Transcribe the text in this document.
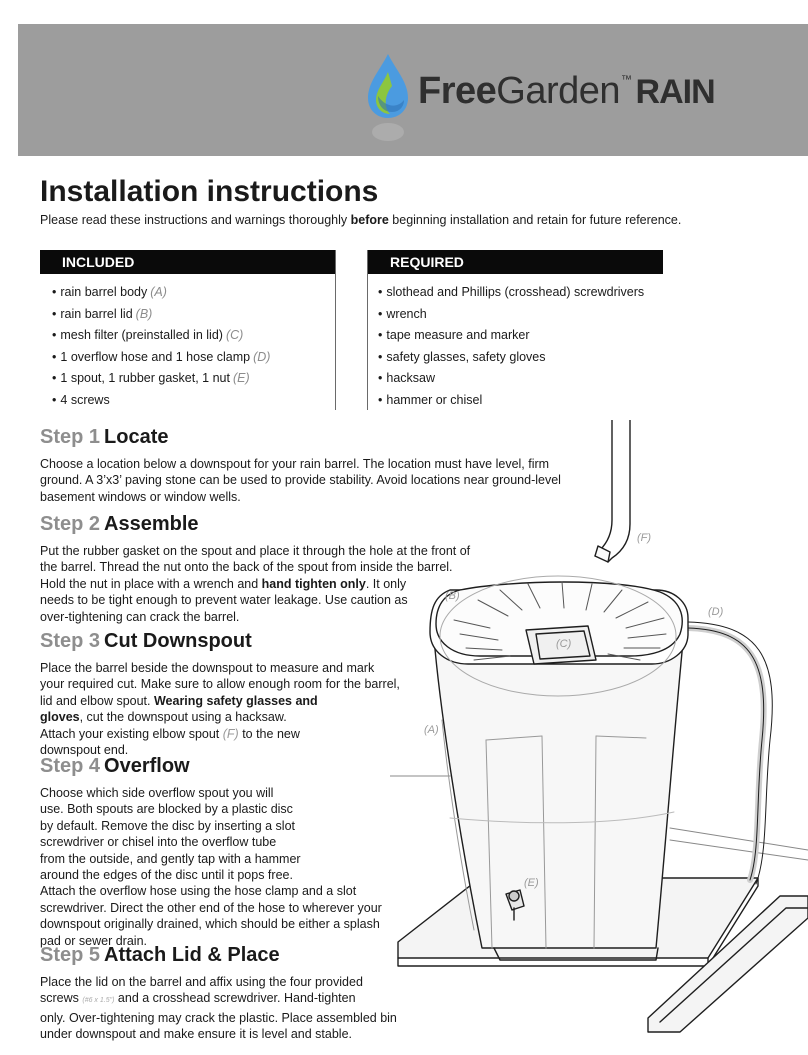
FreeGarden™ RAIN
Installation instructions

Please read these instructions and warnings thoroughly before beginning installation and retain for future reference.

INCLUDED
• rain barrel body (A)
• rain barrel lid (B)
• mesh filter (preinstalled in lid) (C)
• 1 overflow hose and 1 hose clamp (D)
• 1 spout, 1 rubber gasket, 1 nut (E)
• 4 screws
REQUIRED
• slothead and Phillips (crosshead) screwdrivers
• wrench
• tape measure and marker
• safety glasses, safety gloves
• hacksaw
• hammer or chisel
(A)
(B)
(C)
(D)
(E)
(F)
Step 1 Locate
Choose a location below a downspout for your rain barrel. The location must have level, firm
ground. A 3’x3’ paving stone can be used to provide stability. Avoid locations near ground-level
basement windows or window wells.
Step 2 Assemble
Put the rubber gasket on the spout and place it through the hole at the front of
the barrel. Thread the nut onto the back of the spout from inside the barrel.
Hold the nut in place with a wrench and hand tighten only. It only
needs to be tight enough to prevent water leakage. Use caution as
over-tightening can crack the barrel.
Step 3 Cut Downspout
Place the barrel beside the downspout to measure and mark
your required cut. Make sure to allow enough room for the barrel,
lid and elbow spout. Wearing safety glasses and
gloves, cut the downspout using a hacksaw.
Attach your existing elbow spout (F) to the new
downspout end.
Step 4 Overflow
Choose which side overflow spout you will
use. Both spouts are blocked by a plastic disc
by default. Remove the disc by inserting a slot
screwdriver or chisel into the overflow tube
from the outside, and gently tap with a hammer
around the edges of the disc until it pops free.
Attach the overflow hose using the hose clamp and a slot
screwdriver. Direct the other end of the hose to wherever your
downspout originally drained, which should be either a splash
pad or sewer drain.
Step 5 Attach Lid & Place
Place the lid on the barrel and affix using the four provided
screws (#6 x 1.5") and a crosshead screwdriver. Hand-tighten
only. Over-tightening may crack the plastic. Place assembled bin
under downspout and make ensure it is level and stable.
